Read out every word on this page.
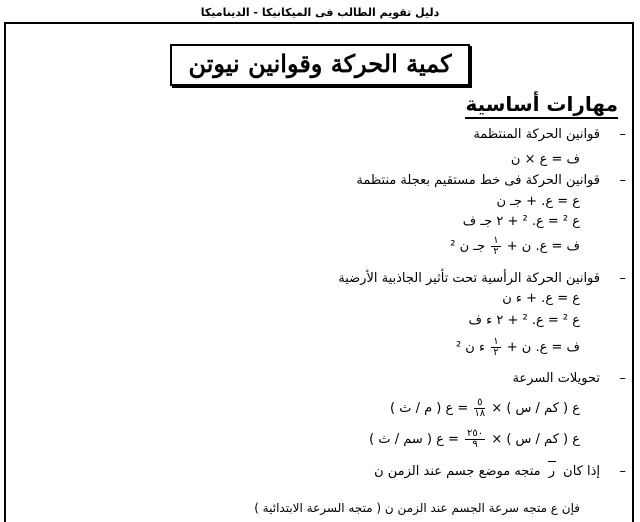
دليل تقويم الطالب فى الميكانيكا - الديناميكا
كمية الحركة وقوانين نيوتن
مهارات أساسية
– قوانين الحركة المنتظمة
ف = ع × ن
– قوانين الحركة فى خط مستقيم بعجلة منتظمة
ع = ع. + جـ ن
ع ² = ع. ² + ٢ جـ ف
ف = ع. ن +
$\frac{١}{٢}$
جـ ن ²
– قوانين الحركة الرأسية تحت تأثير الجاذبية الأرضية
ع = ع. + ء ن
ع ² = ع. ² + ٢ ء ف
ف = ع. ن +
$\frac{١}{٢}$
ء ن ²
– تحويلات السرعة
ع ( كم / س ) ×
$\frac{٥}{١٨}$
= ع ( م / ث )
ع ( كم / س ) ×
$\frac{٢٥٠}{٩}$
= ع ( سم / ث )
– إذا كان ر متجه موضع جسم عند الزمن ن
فإن ع متجه سرعة الجسم عند الزمن ن ( متجه السرعة الابتدائية )
